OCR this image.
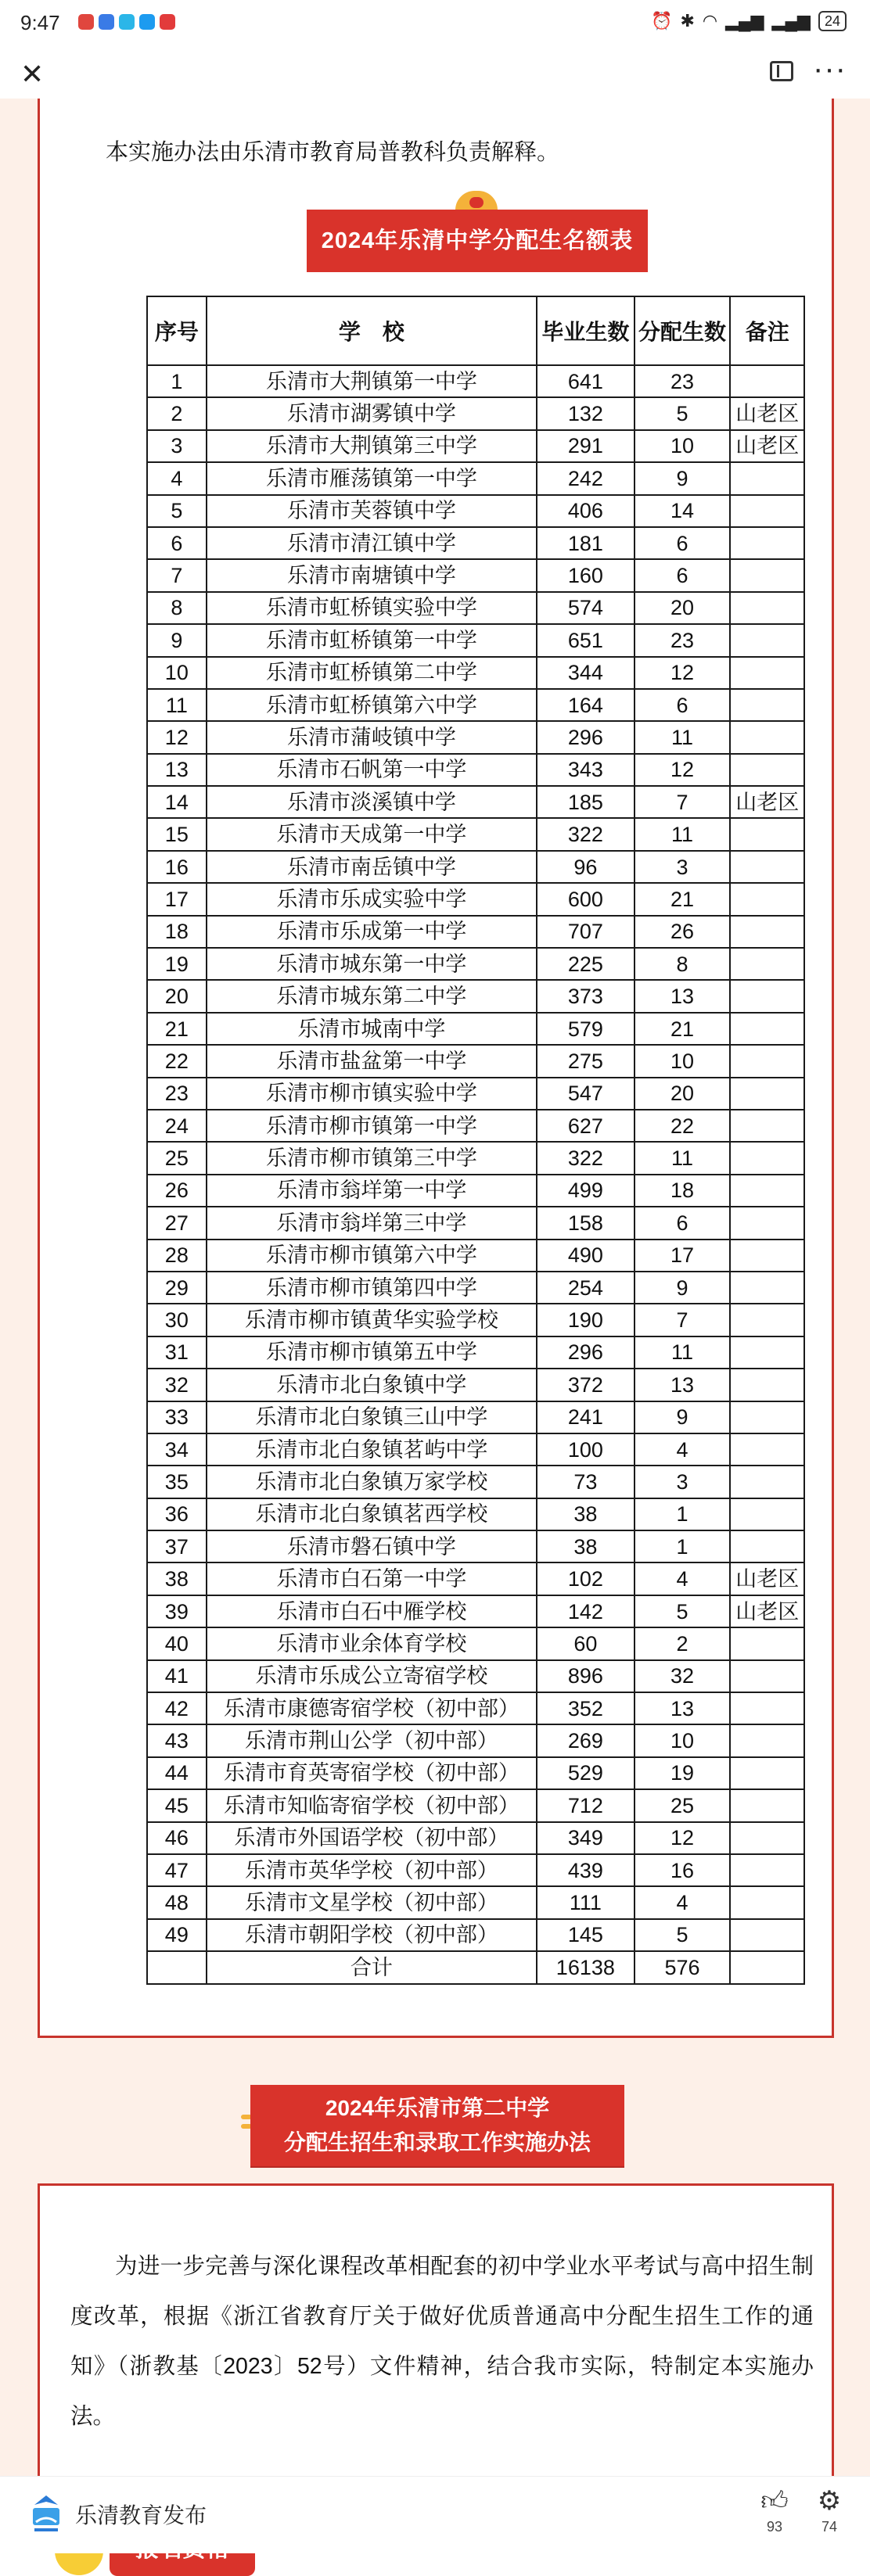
9:47	⏰ ✱ ◠ ▂▄▆ ▂▄▆	24
✕	···
本实施办法由乐清市教育局普教科负责解释。
2024年乐清中学分配生名额表
序号	学　校	毕业生数	分配生数	备注
1	乐清市大荆镇第一中学	641	23	
2	乐清市湖雾镇中学	132	5	山老区
3	乐清市大荆镇第三中学	291	10	山老区
4	乐清市雁荡镇第一中学	242	9	
5	乐清市芙蓉镇中学	406	14	
6	乐清市清江镇中学	181	6	
7	乐清市南塘镇中学	160	6	
8	乐清市虹桥镇实验中学	574	20	
9	乐清市虹桥镇第一中学	651	23	
10	乐清市虹桥镇第二中学	344	12	
11	乐清市虹桥镇第六中学	164	6	
12	乐清市蒲岐镇中学	296	11	
13	乐清市石帆第一中学	343	12	
14	乐清市淡溪镇中学	185	7	山老区
15	乐清市天成第一中学	322	11	
16	乐清市南岳镇中学	96	3	
17	乐清市乐成实验中学	600	21	
18	乐清市乐成第一中学	707	26	
19	乐清市城东第一中学	225	8	
20	乐清市城东第二中学	373	13	
21	乐清市城南中学	579	21	
22	乐清市盐盆第一中学	275	10	
23	乐清市柳市镇实验中学	547	20	
24	乐清市柳市镇第一中学	627	22	
25	乐清市柳市镇第三中学	322	11	
26	乐清市翁垟第一中学	499	18	
27	乐清市翁垟第三中学	158	6	
28	乐清市柳市镇第六中学	490	17	
29	乐清市柳市镇第四中学	254	9	
30	乐清市柳市镇黄华实验学校	190	7	
31	乐清市柳市镇第五中学	296	11	
32	乐清市北白象镇中学	372	13	
33	乐清市北白象镇三山中学	241	9	
34	乐清市北白象镇茗屿中学	100	4	
35	乐清市北白象镇万家学校	73	3	
36	乐清市北白象镇茗西学校	38	1	
37	乐清市磐石镇中学	38	1	
38	乐清市白石第一中学	102	4	山老区
39	乐清市白石中雁学校	142	5	山老区
40	乐清市业余体育学校	60	2	
41	乐清市乐成公立寄宿学校	896	32	
42	乐清市康德寄宿学校（初中部）	352	13	
43	乐清市荆山公学（初中部）	269	10	
44	乐清市育英寄宿学校（初中部）	529	19	
45	乐清市知临寄宿学校（初中部）	712	25	
46	乐清市外国语学校（初中部）	349	12	
47	乐清市英华学校（初中部）	439	16	
48	乐清市文星学校（初中部）	111	4	
49	乐清市朝阳学校（初中部）	145	5	
	合计	16138	576	
2024年乐清市第二中学
分配生招生和录取工作实施办法
为进一步完善与深化课程改革相配套的初中学业水平考试与高中招生制度改革，根据《浙江省教育厅关于做好优质普通高中分配生招生工作的通知》（浙教基〔2023〕52号）文件精神，结合我市实际，特制定本实施办法。
乐清教育发布	👍︎
93
⚙
74
